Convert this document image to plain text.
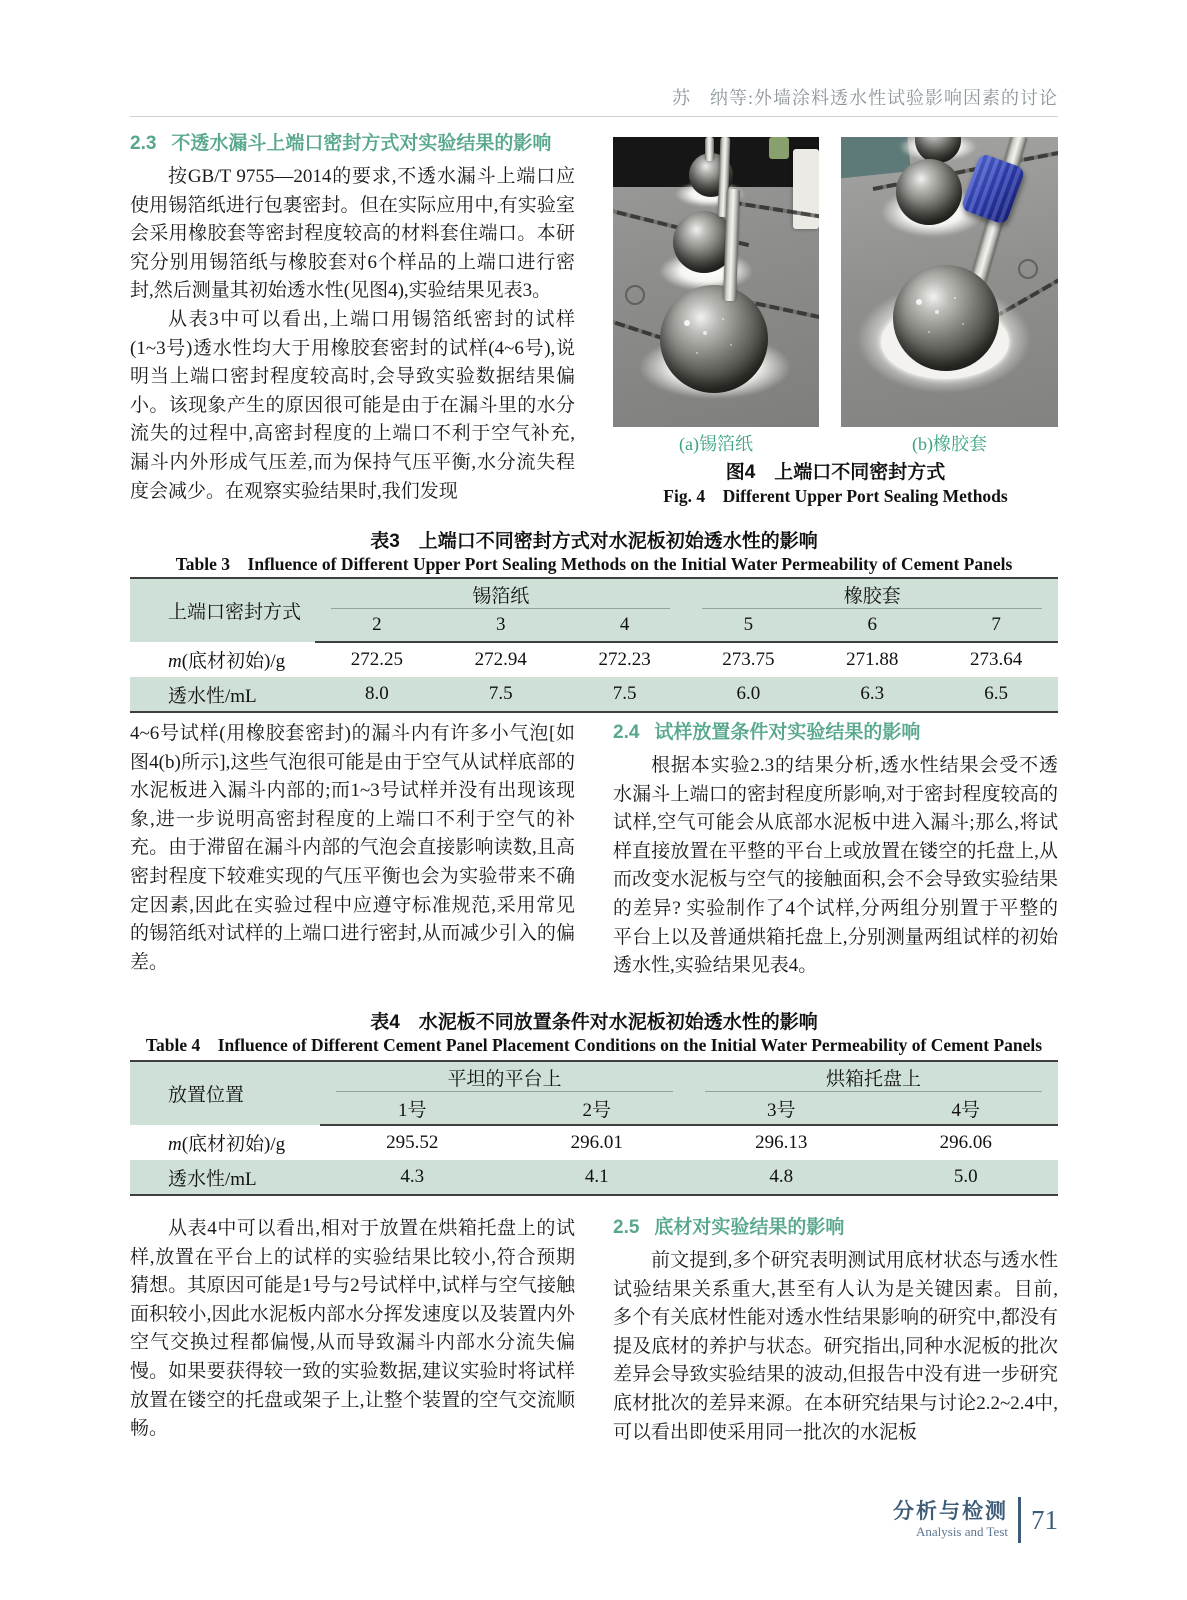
苏　纳等:外墙涂料透水性试验影响因素的讨论
2.3 不透水漏斗上端口密封方式对实验结果的影响

按GB/T 9755—2014的要求,不透水漏斗上端口应使用锡箔纸进行包裹密封。但在实际应用中,有实验室会采用橡胶套等密封程度较高的材料套住端口。本研究分别用锡箔纸与橡胶套对6个样品的上端口进行密封,然后测量其初始透水性(见图4),实验结果见表3。

从表3中可以看出,上端口用锡箔纸密封的试样(1~3号)透水性均大于用橡胶套密封的试样(4~6号),说明当上端口密封程度较高时,会导致实验数据结果偏小。该现象产生的原因很可能是由于在漏斗里的水分流失的过程中,高密封程度的上端口不利于空气补充,漏斗内外形成气压差,而为保持气压平衡,水分流失程度会减少。在观察实验结果时,我们发现

(a)锡箔纸	(b)橡胶套
图4　上端口不同密封方式
Fig. 4　Different Upper Port Sealing Methods
表3　上端口不同密封方式对水泥板初始透水性的影响
Table 3　Influence of Different Upper Port Sealing Methods on the Initial Water Permeability of Cement Panels
上端口密封方式	锡箔纸			橡胶套		
	2	3	4	5	6	7
m(底材初始)/g	272.25	272.94	272.23	273.75	271.88	273.64
透水性/mL	8.0	7.5	7.5	6.0	6.3	6.5

4~6号试样(用橡胶套密封)的漏斗内有许多小气泡[如图4(b)所示],这些气泡很可能是由于空气从试样底部的水泥板进入漏斗内部的;而1~3号试样并没有出现该现象,进一步说明高密封程度的上端口不利于空气的补充。由于滞留在漏斗内部的气泡会直接影响读数,且高密封程度下较难实现的气压平衡也会为实验带来不确定因素,因此在实验过程中应遵守标准规范,采用常见的锡箔纸对试样的上端口进行密封,从而减少引入的偏差。

2.4 试样放置条件对实验结果的影响

根据本实验2.3的结果分析,透水性结果会受不透水漏斗上端口的密封程度所影响,对于密封程度较高的试样,空气可能会从底部水泥板中进入漏斗;那么,将试样直接放置在平整的平台上或放置在镂空的托盘上,从而改变水泥板与空气的接触面积,会不会导致实验结果的差异? 实验制作了4个试样,分两组分别置于平整的平台上以及普通烘箱托盘上,分别测量两组试样的初始透水性,实验结果见表4。

表4　水泥板不同放置条件对水泥板初始透水性的影响
Table 4　Influence of Different Cement Panel Placement Conditions on the Initial Water Permeability of Cement Panels
放置位置	平坦的平台上		烘箱托盘上	
	1号	2号	3号	4号
m(底材初始)/g	295.52	296.01	296.13	296.06
透水性/mL	4.3	4.1	4.8	5.0

从表4中可以看出,相对于放置在烘箱托盘上的试样,放置在平台上的试样的实验结果比较小,符合预期猜想。其原因可能是1号与2号试样中,试样与空气接触面积较小,因此水泥板内部水分挥发速度以及装置内外空气交换过程都偏慢,从而导致漏斗内部水分流失偏慢。如果要获得较一致的实验数据,建议实验时将试样放置在镂空的托盘或架子上,让整个装置的空气交流顺畅。

2.5 底材对实验结果的影响

前文提到,多个研究表明测试用底材状态与透水性试验结果关系重大,甚至有人认为是关键因素。目前,多个有关底材性能对透水性结果影响的研究中,都没有提及底材的养护与状态。研究指出,同种水泥板的批次差异会导致实验结果的波动,但报告中没有进一步研究底材批次的差异来源。在本研究结果与讨论2.2~2.4中,可以看出即使采用同一批次的水泥板

分析与检测
Analysis and Test 71
